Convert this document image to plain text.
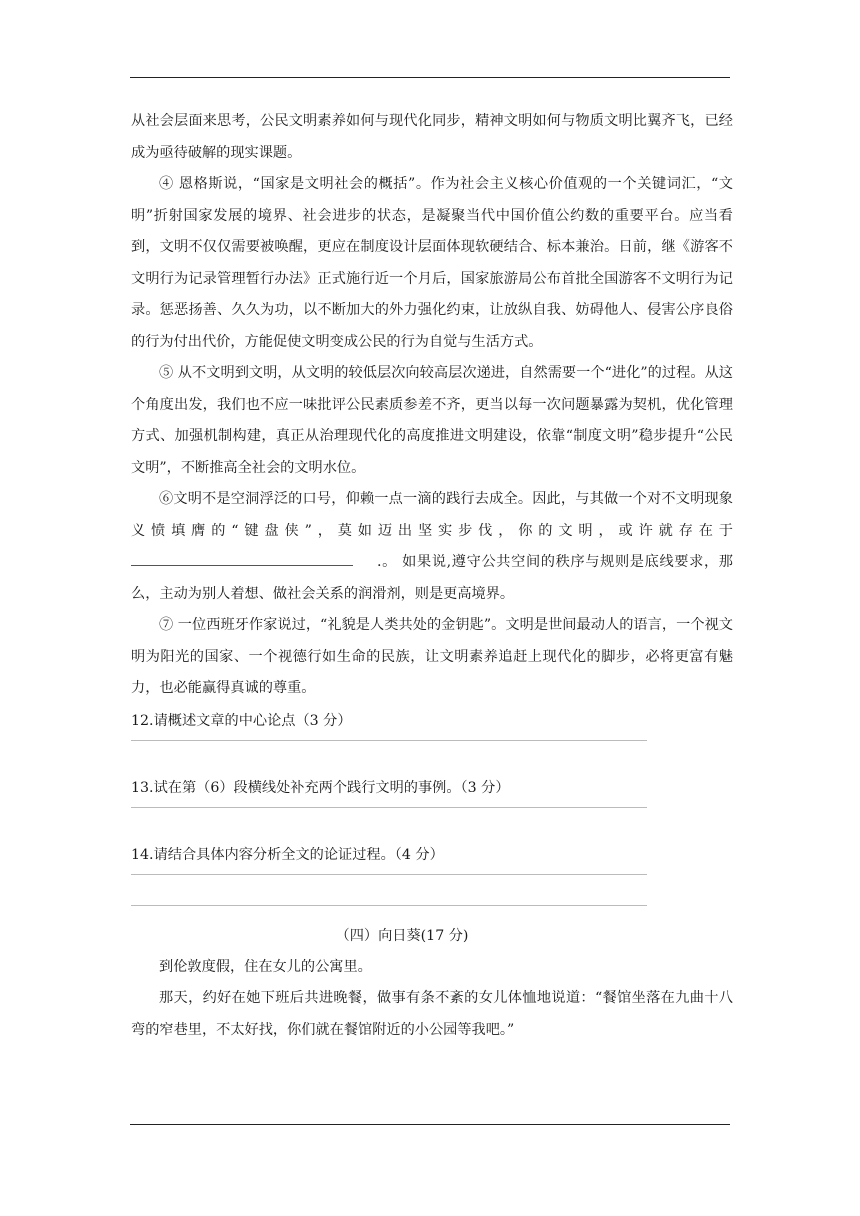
从社会层面来思考，公民文明素养如何与现代化同步，精神文明如何与物质文明比翼齐飞，已经成为亟待破解的现实课题。

④ 恩格斯说，“国家是文明社会的概括”。作为社会主义核心价值观的一个关键词汇，“文明”折射国家发展的境界、社会进步的状态，是凝聚当代中国价值公约数的重要平台。应当看到，文明不仅仅需要被唤醒，更应在制度设计层面体现软硬结合、标本兼治。日前，继《游客不文明行为记录管理暂行办法》正式施行近一个月后，国家旅游局公布首批全国游客不文明行为记录。惩恶扬善、久久为功，以不断加大的外力强化约束，让放纵自我、妨碍他人、侵害公序良俗的行为付出代价，方能促使文明变成公民的行为自觉与生活方式。

⑤ 从不文明到文明，从文明的较低层次向较高层次递进，自然需要一个“进化”的过程。从这个角度出发，我们也不应一味批评公民素质参差不齐，更当以每一次问题暴露为契机，优化管理方式、加强机制构建，真正从治理现代化的高度推进文明建设，依靠“制度文明”稳步提升“公民文明”，不断推高全社会的文明水位。

⑥文明不是空洞浮泛的口号，仰赖一点一滴的践行去成全。因此，与其做一个对不文明现象义愤填膺的“键盘侠”，莫如迈出坚实步伐，你的文明，或许就存在于.。 如果说,遵守公共空间的秩序与规则是底线要求，那么，主动为别人着想、做社会关系的润滑剂，则是更高境界。

⑦ 一位西班牙作家说过，“礼貌是人类共处的金钥匙”。文明是世间最动人的语言，一个视文明为阳光的国家、一个视德行如生命的民族，让文明素养追赶上现代化的脚步，必将更富有魅力，也必能赢得真诚的尊重。

12.请概述文章的中心论点（3 分）

13.试在第（6）段横线处补充两个践行文明的事例。（3 分）

14.请结合具体内容分析全文的论证过程。（4 分）

（四）向日葵(17 分)

到伦敦度假，住在女儿的公寓里。

那天，约好在她下班后共进晚餐，做事有条不紊的女儿体恤地说道：“餐馆坐落在九曲十八弯的窄巷里，不太好找，你们就在餐馆附近的小公园等我吧。”
